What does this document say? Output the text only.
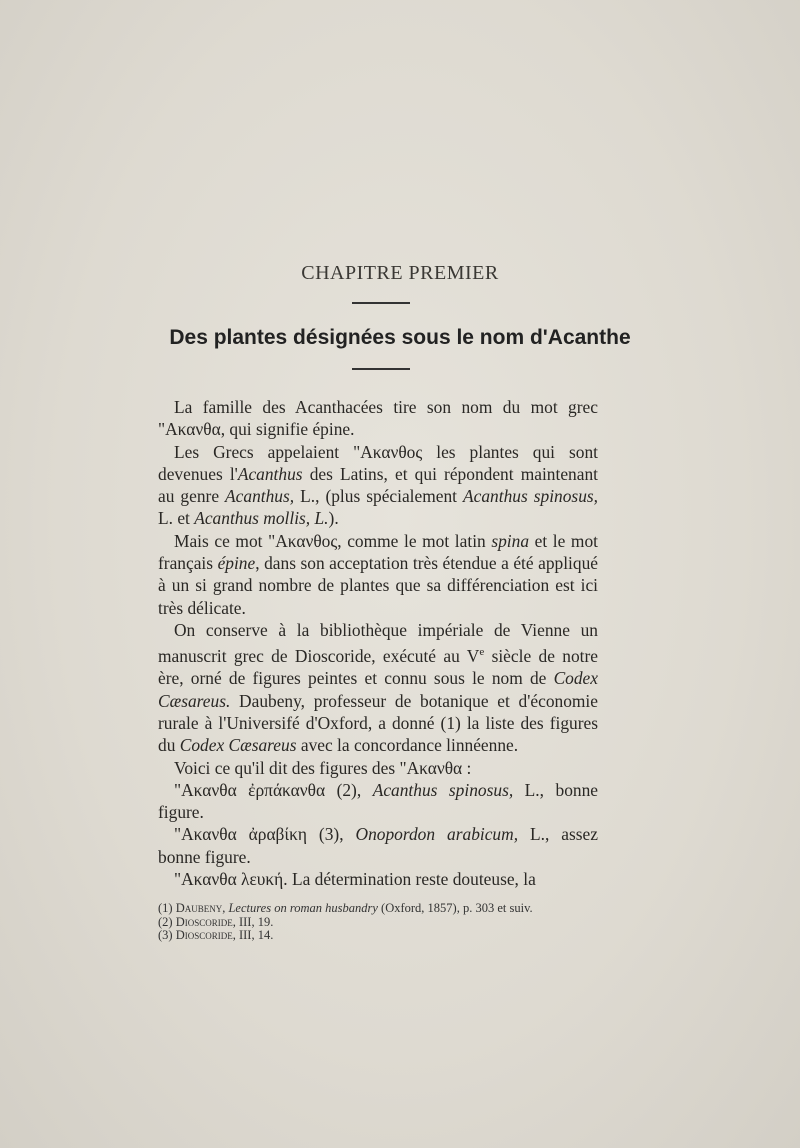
CHAPITRE PREMIER
Des plantes désignées sous le nom d'Acanthe

La famille des Acanthacées tire son nom du mot grec "Ακανθα, qui signifie épine.

Les Grecs appelaient "Ακανθος les plantes qui sont devenues l'Acanthus des Latins, et qui répondent maintenant au genre Acanthus, L., (plus spécialement Acanthus spinosus, L. et Acanthus mollis, L.).

Mais ce mot "Ακανθος, comme le mot latin spina et le mot français épine, dans son acceptation très étendue a été appliqué à un si grand nombre de plantes que sa différenciation est ici très délicate.

On conserve à la bibliothèque impériale de Vienne un manuscrit grec de Dioscoride, exécuté au Ve siècle de notre ère, orné de figures peintes et connu sous le nom de Codex Cæsareus. Daubeny, professeur de botanique et d'économie rurale à l'Universifé d'Oxford, a donné (1) la liste des figures du Codex Cæsareus avec la concordance linnéenne.

Voici ce qu'il dit des figures des "Ακανθα :

"Ακανθα ἐρπάκανθα (2), Acanthus spinosus, L., bonne figure.

"Ακανθα ἀραβίκη (3), Onopordon arabicum, L., assez bonne figure.

"Ακανθα λευκή. La détermination reste douteuse, la

(1) Daubeny, Lectures on roman husbandry (Oxford, 1857), p. 303 et suiv.
(2) Dioscoride, III, 19.
(3) Dioscoride, III, 14.
